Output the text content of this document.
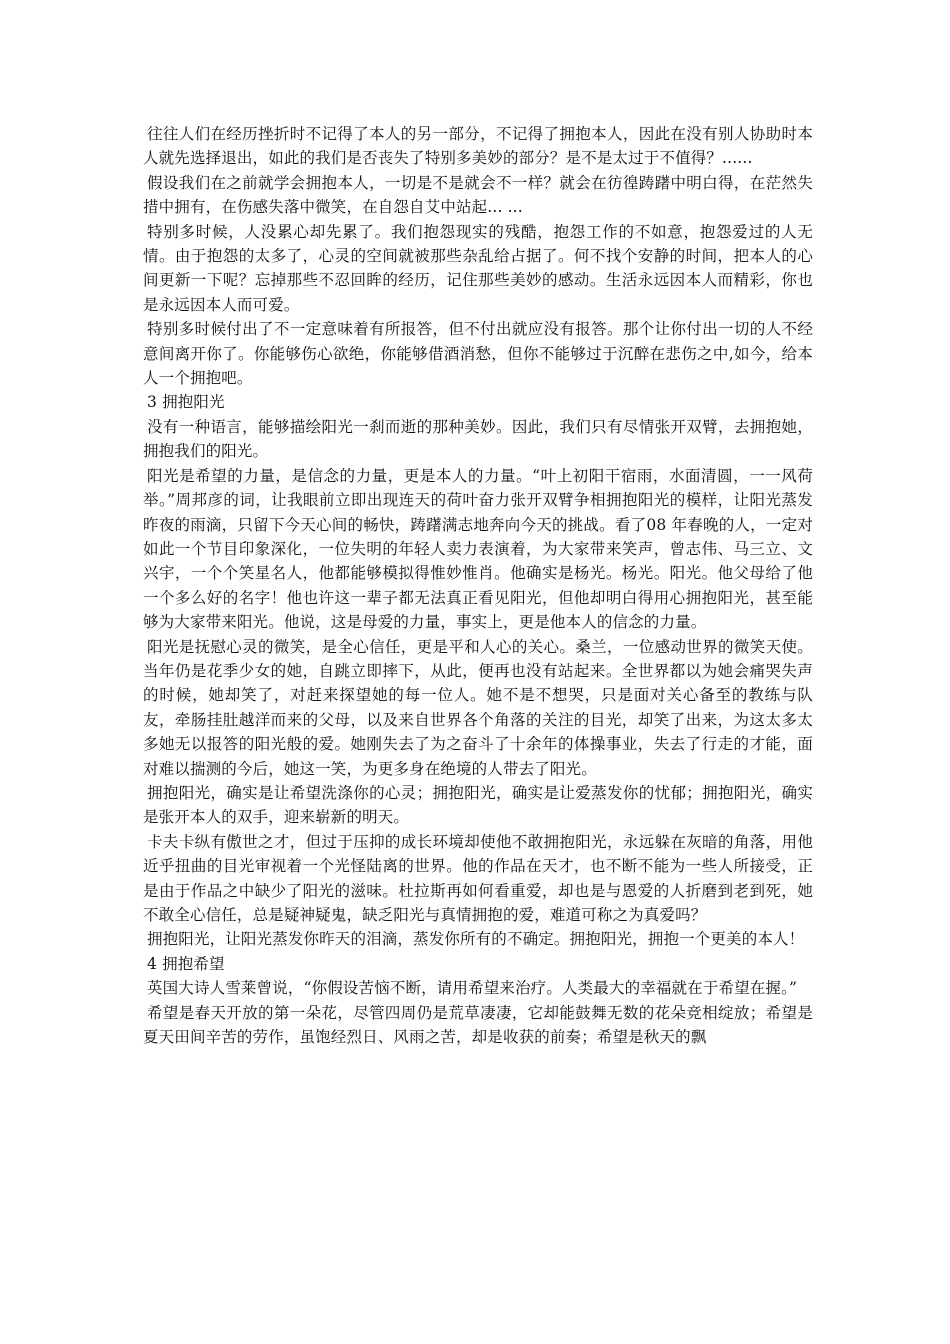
往往人们在经历挫折时不记得了本人的另一部分，不记得了拥抱本人，因此在没有别人协助时本人就先选择退出，如此的我们是否丧失了特别多美妙的部分？是不是太过于不值得？......

假设我们在之前就学会拥抱本人，一切是不是就会不一样？就会在彷徨踌躇中明白得，在茫然失措中拥有，在伤感失落中微笑，在自怨自艾中站起... ...

特别多时候，人没累心却先累了。我们抱怨现实的残酷，抱怨工作的不如意，抱怨爱过的人无情。由于抱怨的太多了，心灵的空间就被那些杂乱给占据了。何不找个安静的时间，把本人的心间更新一下呢？忘掉那些不忍回眸的经历，记住那些美妙的感动。生活永远因本人而精彩，你也是永远因本人而可爱。

特别多时候付出了不一定意味着有所报答，但不付出就应没有报答。那个让你付出一切的人不经意间离开你了。你能够伤心欲绝，你能够借酒消愁，但你不能够过于沉醉在悲伤之中,如今，给本人一个拥抱吧。

3 拥抱阳光

没有一种语言，能够描绘阳光一刹而逝的那种美妙。因此，我们只有尽情张开双臂，去拥抱她，拥抱我们的阳光。

阳光是希望的力量，是信念的力量，更是本人的力量。“叶上初阳干宿雨，水面清圆，一一风荷举。”周邦彦的词，让我眼前立即出现连天的荷叶奋力张开双臂争相拥抱阳光的模样，让阳光蒸发昨夜的雨滴，只留下今天心间的畅快，踌躇满志地奔向今天的挑战。看了08 年春晚的人，一定对如此一个节目印象深化，一位失明的年轻人卖力表演着，为大家带来笑声，曾志伟、马三立、文兴宇，一个个笑星名人，他都能够模拟得惟妙惟肖。他确实是杨光。杨光。阳光。他父母给了他一个多么好的名字！他也许这一辈子都无法真正看见阳光，但他却明白得用心拥抱阳光，甚至能够为大家带来阳光。他说，这是母爱的力量，事实上，更是他本人的信念的力量。

阳光是抚慰心灵的微笑，是全心信任，更是平和人心的关心。桑兰，一位感动世界的微笑天使。当年仍是花季少女的她，自跳立即摔下，从此，便再也没有站起来。全世界都以为她会痛哭失声的时候，她却笑了，对赶来探望她的每一位人。她不是不想哭，只是面对关心备至的教练与队友，牵肠挂肚越洋而来的父母，以及来自世界各个角落的关注的目光，却笑了出来，为这太多太多她无以报答的阳光般的爱。她刚失去了为之奋斗了十余年的体操事业，失去了行走的才能，面对难以揣测的今后，她这一笑，为更多身在绝境的人带去了阳光。

拥抱阳光，确实是让希望洗涤你的心灵；拥抱阳光，确实是让爱蒸发你的忧郁；拥抱阳光，确实是张开本人的双手，迎来崭新的明天。

卡夫卡纵有傲世之才，但过于压抑的成长环境却使他不敢拥抱阳光，永远躲在灰暗的角落，用他近乎扭曲的目光审视着一个光怪陆离的世界。他的作品在天才，也不断不能为一些人所接受，正是由于作品之中缺少了阳光的滋味。杜拉斯再如何看重爱，却也是与恩爱的人折磨到老到死，她不敢全心信任，总是疑神疑鬼，缺乏阳光与真情拥抱的爱，难道可称之为真爱吗？

拥抱阳光，让阳光蒸发你昨天的泪滴，蒸发你所有的不确定。拥抱阳光，拥抱一个更美的本人！

4 拥抱希望

英国大诗人雪莱曾说，“你假设苦恼不断，请用希望来治疗。人类最大的幸福就在于希望在握。”

希望是春天开放的第一朵花，尽管四周仍是荒草凄凄，它却能鼓舞无数的花朵竞相绽放；希望是夏天田间辛苦的劳作，虽饱经烈日、风雨之苦，却是收获的前奏；希望是秋天的飘
